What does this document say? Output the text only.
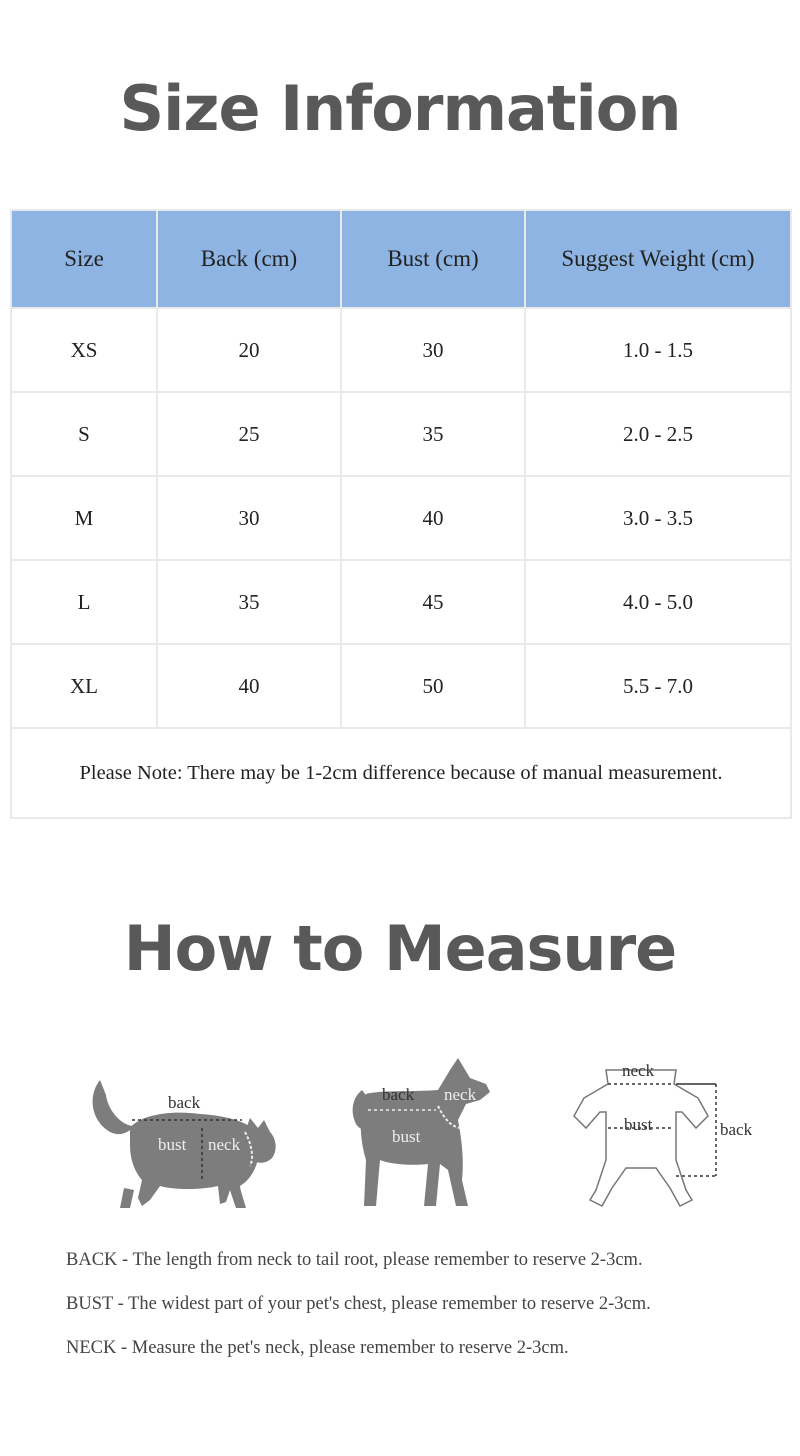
Size Information
Size	Back (cm)	Bust (cm)	Suggest Weight (cm)
XS	20	30	1.0 - 1.5
S	25	35	2.0 - 2.5
M	30	40	3.0 - 3.5
L	35	45	4.0 - 5.0
XL	40	50	5.5 - 7.0
Please Note: There may be 1-2cm difference because of manual measurement.			
How to Measure
back
bust neck
back neck
bust
neck
bust	back
BACK - The length from neck to tail root, please remember to reserve 2-3cm.
BUST - The widest part of your pet's chest, please remember to reserve 2-3cm.
NECK - Measure the pet's neck, please remember to reserve 2-3cm.
